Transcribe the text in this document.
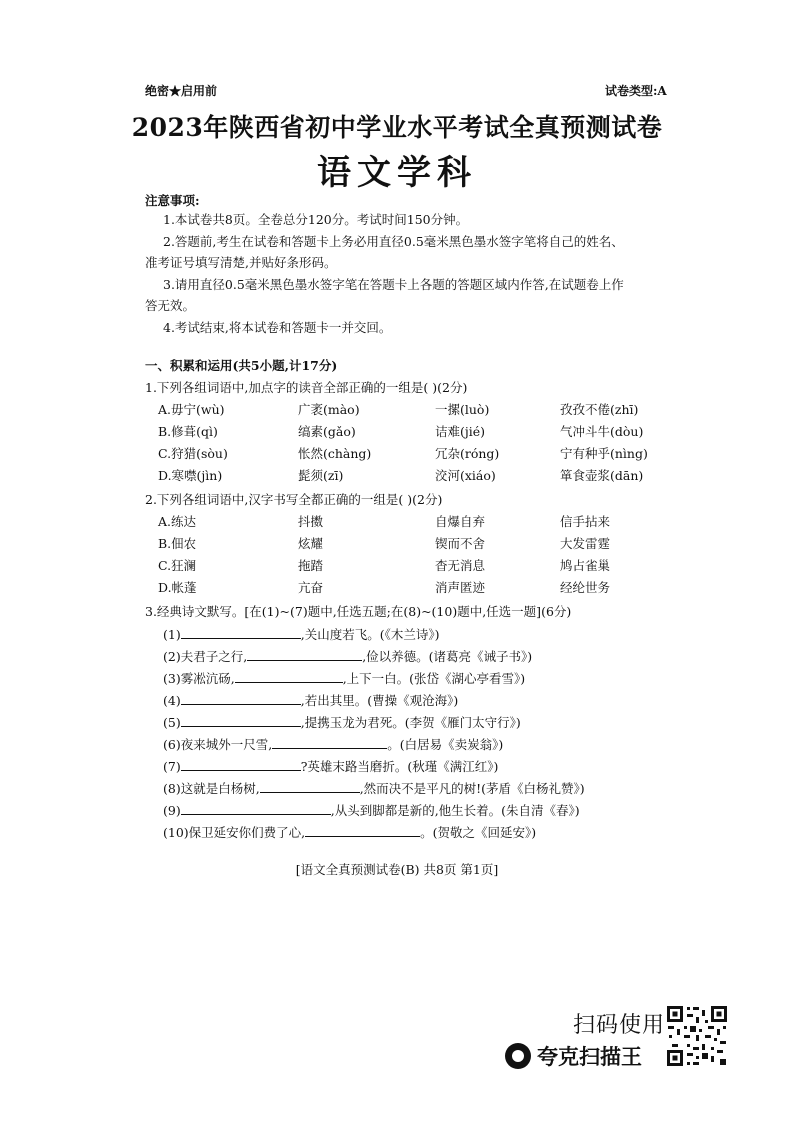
绝密★启用前	试卷类型:A
2023年陕西省初中学业水平考试全真预测试卷
语文学科
注意事项:
1.本试卷共8页。全卷总分120分。考试时间150分钟。
2.答题前,考生在试卷和答题卡上务必用直径0.5毫米黑色墨水签字笔将自己的姓名、
准考证号填写清楚,并贴好条形码。
3.请用直径0.5毫米黑色墨水签字笔在答题卡上各题的答题区域内作答,在试题卷上作
答无效。
4.考试结束,将本试卷和答题卡一并交回。
一、积累和运用(共5小题,计17分)
1.下列各组词语中,加点字的读音全部正确的一组是( )(2分)
A.毋宁(wù)	广袤(mào)	一摞(luò)	孜孜不倦(zhī)
B.修葺(qì)	缟素(gǎo)	诘难(jié)	气冲斗牛(dòu)
C.狩猎(sòu)	怅然(chàng)	冗杂(róng)	宁有种乎(nìng)
D.寒噤(jìn)	髭须(zī)	洨河(xiáo)	箪食壶浆(dān)
2.下列各组词语中,汉字书写全都正确的一组是( )(2分)
A.练达	抖擞	自爆自弃	信手拈来
B.佃农	炫耀	锲而不舍	大发雷霆
C.狂澜	拖踏	杳无消息	鸠占雀巢
D.帐蓬	亢奋	消声匿迹	经纶世务
3.经典诗文默写。[在(1)~(7)题中,任选五题;在(8)~(10)题中,任选一题](6分)
(1)	,关山度若飞。(《木兰诗》)
(2)夫君子之行,	,俭以养德。(诸葛亮《诫子书》)
(3)雾凇沆砀,	,上下一白。(张岱《湖心亭看雪》)
(4)	,若出其里。(曹操《观沧海》)
(5)	,提携玉龙为君死。(李贺《雁门太守行》)
(6)夜来城外一尺雪,	。(白居易《卖炭翁》)
(7)	?英雄末路当磨折。(秋瑾《满江红》)
(8)这就是白杨树,	,然而决不是平凡的树!(茅盾《白杨礼赞》)
(9)	,从头到脚都是新的,他生长着。(朱自清《春》)
(10)保卫延安你们费了心,	。(贺敬之《回延安》)
[语文全真预测试卷(B) 共8页 第1页]
扫码使用
夸克扫描王
